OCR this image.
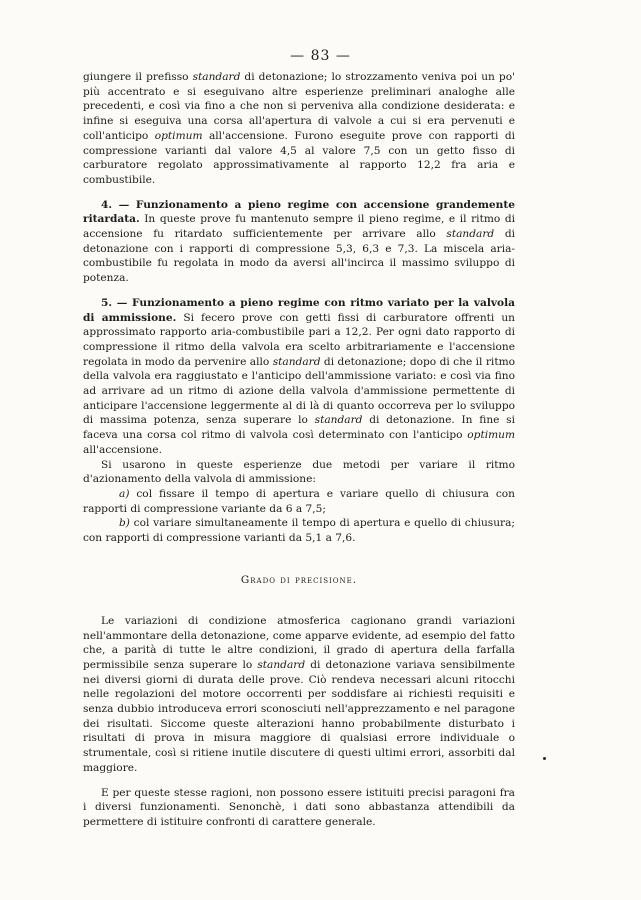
— 83 —

giungere il prefisso standard di detonazione; lo strozzamento veniva poi un po' più accentrato e si eseguivano altre esperienze preliminari analoghe alle precedenti, e così via fino a che non si perveniva alla condizione desiderata: e infine si eseguiva una corsa all'apertura di valvole a cui si era pervenuti e coll'anticipo optimum all'accensione. Furono eseguite prove con rapporti di compressione varianti dal valore 4,5 al valore 7,5 con un getto fisso di carburatore regolato approssimativamente al rapporto 12,2 fra aria e combustibile.

4. — Funzionamento a pieno regime con accensione grandemente ritardata. In queste prove fu mantenuto sempre il pieno regime, e il ritmo di accensione fu ritardato sufficientemente per arrivare allo standard di detonazione con i rapporti di compressione 5,3, 6,3 e 7,3. La miscela aria-combustibile fu regolata in modo da aversi all'incirca il massimo sviluppo di potenza.

5. — Funzionamento a pieno regime con ritmo variato per la valvola di ammissione. Si fecero prove con getti fissi di carburatore offrenti un approssimato rapporto aria-combustibile pari a 12,2. Per ogni dato rapporto di compressione il ritmo della valvola era scelto arbitrariamente e l'accensione regolata in modo da pervenire allo standard di detonazione; dopo di che il ritmo della valvola era raggiustato e l'anticipo dell'ammissione variato: e così via fino ad arrivare ad un ritmo di azione della valvola d'ammissione permettente di anticipare l'accensione leggermente al di là di quanto occorreva per lo sviluppo di massima potenza, senza superare lo standard di detonazione. In fine si faceva una corsa col ritmo di valvola così determinato con l'anticipo optimum all'accensione.

Si usarono in queste esperienze due metodi per variare il ritmo d'azionamento della valvola di ammissione:

a) col fissare il tempo di apertura e variare quello di chiusura con rapporti di compressione variante da 6 a 7,5;

b) col variare simultaneamente il tempo di apertura e quello di chiusura; con rapporti di compressione varianti da 5,1 a 7,6.

Grado di precisione.

Le variazioni di condizione atmosferica cagionano grandi variazioni nell'ammontare della detonazione, come apparve evidente, ad esempio del fatto che, a parità di tutte le altre condizioni, il grado di apertura della farfalla permissibile senza superare lo standard di detonazione variava sensibilmente nei diversi giorni di durata delle prove. Ciò rendeva necessari alcuni ritocchi nelle regolazioni del motore occorrenti per soddisfare ai richiesti requisiti e senza dubbio introduceva errori sconosciuti nell'apprezzamento e nel paragone dei risultati. Siccome queste alterazioni hanno probabilmente disturbato i risultati di prova in misura maggiore di qualsiasi errore individuale o strumentale, così si ritiene inutile discutere di questi ultimi errori, assorbiti dal maggiore.

E per queste stesse ragioni, non possono essere istituiti precisi paragoni fra i diversi funzionamenti. Senonchè, i dati sono abbastanza attendibili da permettere di istituire confronti di carattere generale.
